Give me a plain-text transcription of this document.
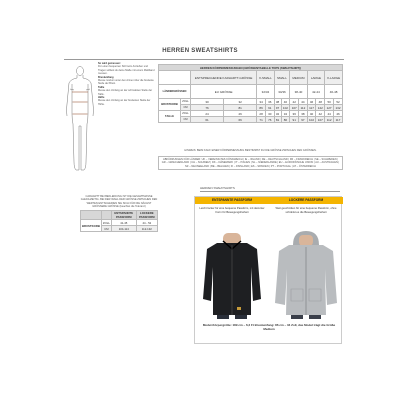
HERREN SWEATSHIRTS
So wird gemessen:
Für einen bequemen Sitz beim Anziehen und Tragen solltest du deine Maße mit einem Maßband messen.
Brustumfang
Messe rundum unter den Armen über die breiteste Stelle der Brust.
Taille
Messe den Umfang an der schmalsten Stelle der Taille.
Hüfte
Messe den Umfang an der breitesten Stelle der Hüfte.
HERREN KÖRPERMESSUNGEN (GRÖSSENTABELLE TOPS (SWEATSHIRT))													
		ENTSPRECHENDE KARHARTT-GRÖSSE		X-SMALL		SMALL		MEDIUM		LARGE		X-LARGE	
LÄNDERGRÖSSEN		EU GRÖSSE		32/34		34/36		38-40		42-44		46-48	
BRUSTKORB	ZOLL	30	32	34	36	38	40	42	44	46	48	50	52
	CM	76	81	86	91	97	102	107	112	117	122	127	132
TAILLE	ZOLL	24	26	28	30	32	34	36	38	40	42	44	46
	CM	61	66	71	76	81	86	91	97	102	107	112	117
HINWEIS: BEIM KAUF EINER KÖRPERMESSUNG BESTIMMST DU DIE GRÖSSE ZWISCHEN DEN GRÖSSEN.
ABKÜRZUNGEN FÜR LÄNDER: UK – VEREINIGTES KÖNIGREICH | IE – IRLAND | DE – DEUTSCHLAND | FR – FRANKREICH | SE – SCHWEDEN | GR – GRIECHENLAND | CH – SCHWEIZ | DK – DÄNEMARK | IT – ITALIEN | NL – NIEDERLANDE | EU – EUROPÄISCHE UNION | AU – AUSTRALIEN | NZ – NEUSEELAND | BE – BELGIEN | FI – FINNLAND | ES – SPANIEN | PT – PORTUGAL | AT – ÖSTERREICH
CARHARTT BEI BEKLEIDUNG IST DIE GESAMTMASSE GLEICHZEITIG. BEI DER WAHL DER GRÖSSE ZWISCHEN DEN WERTEN ENTSCHEIDEN SIE SICH FÜR DIE NÄCHST GRÖSSERE GRÖSSE (beachtet die Toleranz)
		ENTSPANNTE PASSFORM	LOCKERE PASSFORM
BRUSTKORB	ZOLL	41-45	44 - 52
	CM	104-114	112-132
HERREN SWEATSHIRTS
ENTSPANNTE PASSFORM
Leicht locker für eine bequeme Passform, mit dezenter Form für Bewegungsfreiheit
LOCKERE PASSFORM
Weit geschnitten für eine bequeme Passform, ohne schränkt es die Bewegungsfreiheit
Model-Körpergröße: 189 cm – 6,2 Ft Brustumfang: 86 cm – 34 Zoll, das Model trägt die Größe Medium
